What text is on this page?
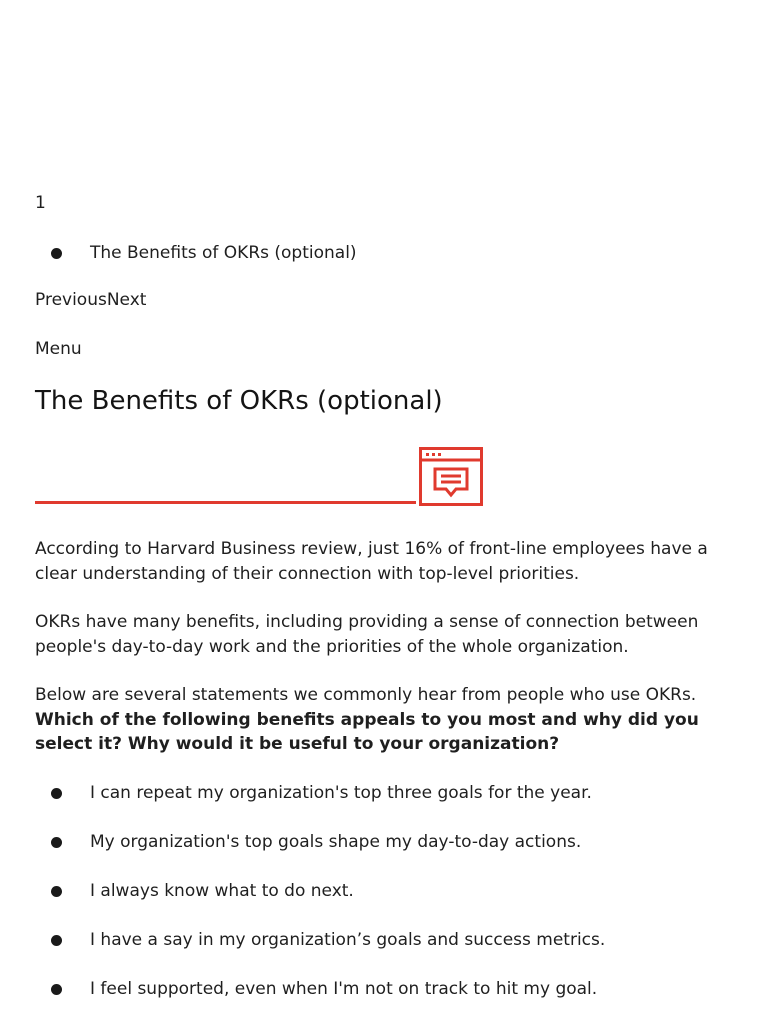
1
The Benefits of OKRs (optional)
PreviousNext
Menu
The Benefits of OKRs (optional)

According to Harvard Business review, just 16% of front-line employees have a clear understanding of their connection with top-level priorities.

OKRs have many benefits, including providing a sense of connection between people's day-to-day work and the priorities of the whole organization.

Below are several statements we commonly hear from people who use OKRs.
Which of the following benefits appeals to you most and why did you select it? Why would it be useful to your organization?

I can repeat my organization's top three goals for the year.
My organization's top goals shape my day-to-day actions.
I always know what to do next.
I have a say in my organization’s goals and success metrics.
I feel supported, even when I'm not on track to hit my goal.
